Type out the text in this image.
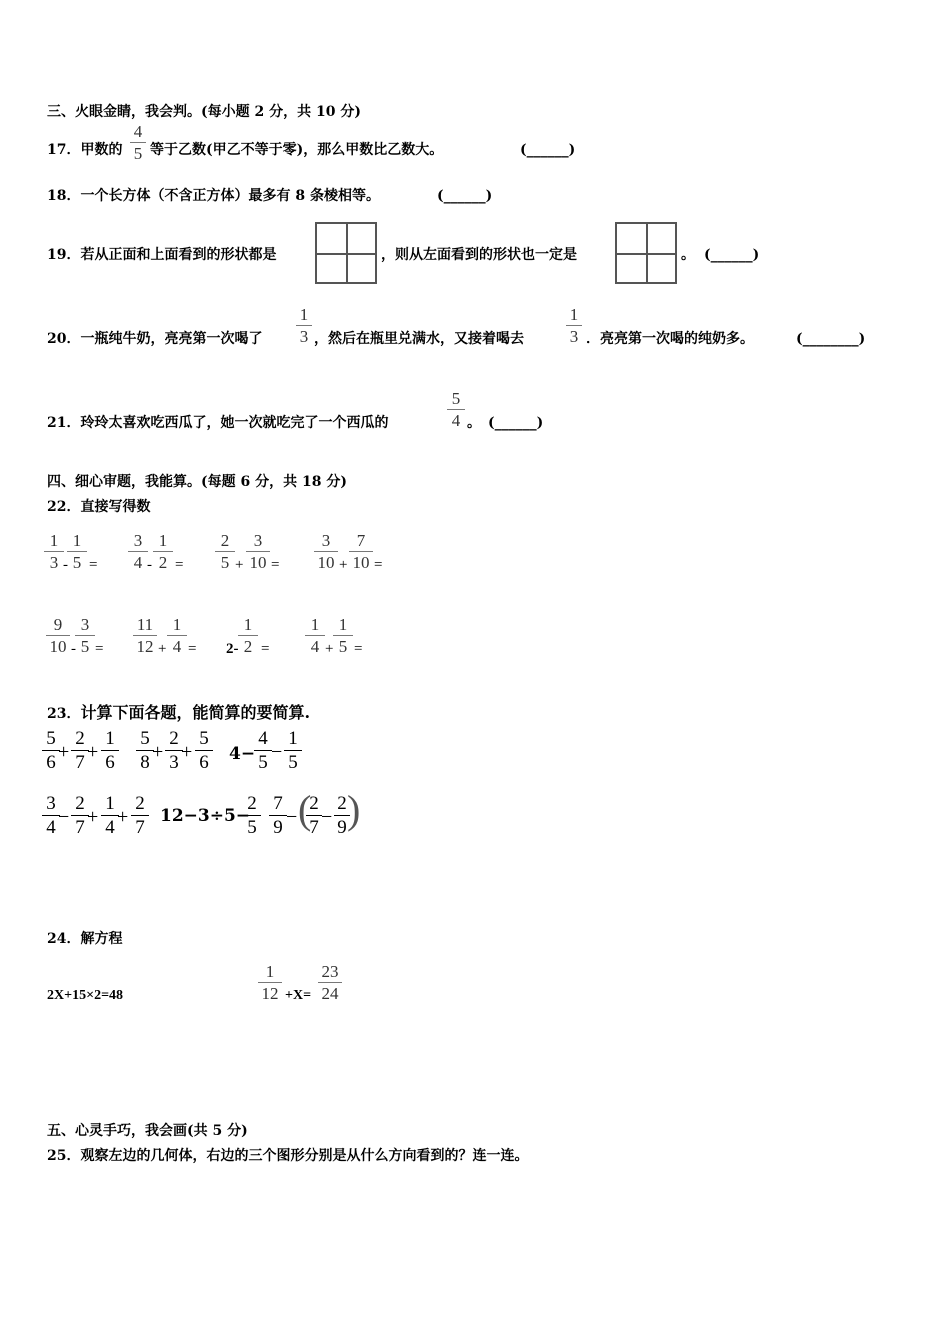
三、火眼金睛，我会判。(每小题 2 分，共 10 分)
17．甲数的
4
5 等于乙数(甲乙不等于零)，那么甲数比乙数大。	(______)
18．一个长方体（不含正方体）最多有 8 条棱相等。	(______)
19．若从正面和上面看到的形状都是	，则从左面看到的形状也一定是	。 (______)
20．一瓶纯牛奶，亮亮第一次喝了
1
3 ，然后在瓶里兑满水，又接着喝去
1
3 ．亮亮第一次喝的纯奶多。	(________)
21．玲玲太喜欢吃西瓜了，她一次就吃完了一个西瓜的
5
4 。 (______)
四、细心审题，我能算。(每题 6 分，共 18 分)
22．直接写得数
1
3 -
1
5 =
3
4 -
1
2 =
2
5 +
3
10 =
3
10 +
7
10 =
9
10 -
3
5 =
11
12 +
1
4 = 2-
1
2 =
1
4 +
1
5 =
23．计算下面各题，能简算的要简算.
5
6 +
2
7 +
1
6
5
8 +
2
3 +
5
6 4−
4
5 −
1
5
3
4 −
2
7 +
1
4 +
2
7
12−3÷5−
2
5
7
9 − (
2
7 −
2
9 )
24．解方程
2X+15×2=48
1
12 +X=
23
24
五、心灵手巧，我会画(共 5 分)
25．观察左边的几何体，右边的三个图形分别是从什么方向看到的？连一连。
